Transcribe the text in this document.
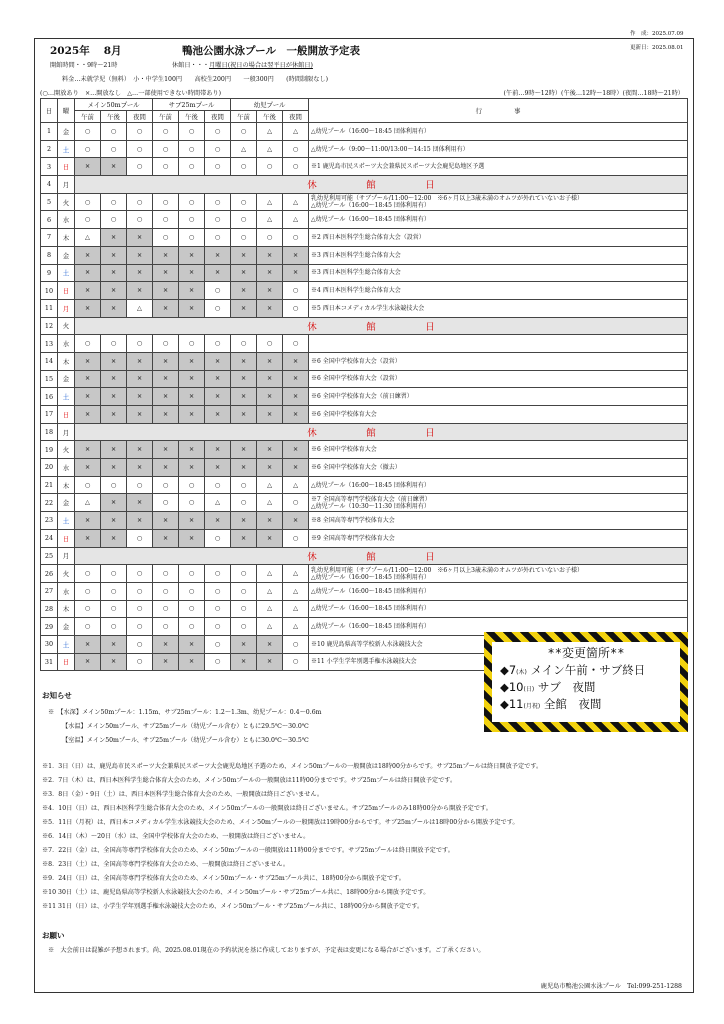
作　成：2025.07.09
更新日：2025.08.01
2025年 8月	鴨池公園水泳プール　一般開放予定表
開館時間・・9時～21時	休館日・・・月曜日(祝日の場合は翌平日が休館日)
料金…未就学児（無料）　小・中学生100円　　高校生200円　　一般300円　　(時間制限なし)
(○…開放あり　×…開放なし　△…一部使用できない時間帯あり)	(午前…9時～12時）(午後…12時～18時）(夜間…18時～21時）
日	曜	メイン50mプール			サブ25mプール			幼児プール			行　　　　　事
		午前	午後	夜間	午前	午後	夜間	午前	午後	夜間	
1	金	○	○	○	○	○	○	○	△	△	△幼児プール（16:00～18:45 団体利用有）

2	土	○	○	○	○	○	○	△	△	○	△幼児プール（9:00～11:00/13:00～14:15 団体利用有）

3	日	×	×	○	○	○	○	○	○	○	※1 鹿児島市民スポーツ大会兼県民スポーツ大会鹿児島地区予選

4	月	休　館　日									
5	火	○	○	○	○	○	○	○	△	△	乳幼児利用可能（サブプール/11:00～12:00　※6ヶ月以上3歳未満のオムツが外れていないお子様）
△幼児プール（16:00～18:45 団体利用有）

6	水	○	○	○	○	○	○	○	△	△	△幼児プール（16:00～18:45 団体利用有）

7	木	△	×	×	○	○	○	○	○	○	※2 西日本医科学生総合体育大会（設営）

8	金	×	×	×	×	×	×	×	×	×	※3 西日本医科学生総合体育大会

9	土	×	×	×	×	×	×	×	×	×	※3 西日本医科学生総合体育大会

10	日	×	×	×	×	×	○	×	×	○	※4 西日本医科学生総合体育大会

11	月	×	×	△	×	×	○	×	×	○	※5 西日本コメディカル学生水泳競技大会

12	火	休　館　日									
13	水	○	○	○	○	○	○	○	○	○	

14	木	×	×	×	×	×	×	×	×	×	※6 全国中学校体育大会（設営）

15	金	×	×	×	×	×	×	×	×	×	※6 全国中学校体育大会（設営）

16	土	×	×	×	×	×	×	×	×	×	※6 全国中学校体育大会（前日練習）

17	日	×	×	×	×	×	×	×	×	×	※6 全国中学校体育大会

18	月	休　館　日									
19	火	×	×	×	×	×	×	×	×	×	※6 全国中学校体育大会

20	水	×	×	×	×	×	×	×	×	×	※6 全国中学校体育大会（撤去）

21	木	○	○	○	○	○	○	○	△	△	△幼児プール（16:00～18:45 団体利用有）

22	金	△	×	×	○	○	△	○	△	○	※7 全国高等専門学校体育大会（前日練習）
△幼児プール（10:30～11:30 団体利用有）

23	土	×	×	×	×	×	×	×	×	×	※8 全国高等専門学校体育大会

24	日	×	×	○	×	×	○	×	×	○	※9 全国高等専門学校体育大会

25	月	休　館　日									
26	火	○	○	○	○	○	○	○	△	△	乳幼児利用可能（サブプール/11:00～12:00　※6ヶ月以上3歳未満のオムツが外れていないお子様）
△幼児プール（16:00～18:45 団体利用有）

27	水	○	○	○	○	○	○	○	△	△	△幼児プール（16:00～18:45 団体利用有）

28	木	○	○	○	○	○	○	○	△	△	△幼児プール（16:00～18:45 団体利用有）

29	金	○	○	○	○	○	○	○	△	△	△幼児プール（16:00～18:45 団体利用有）

30	土	×	×	○	×	×	○	×	×	○	※10 鹿児島県高等学校新人水泳競技大会

31	日	×	×	○	×	×	○	×	×	○	※11 小学生学年別選手権水泳競技大会
**変更箇所**
◆7(木) メイン午前・サブ終日
◆10(日) サブ　夜間
◆11(月祝) 全館　夜間
お知らせ
※　【水深】メイン50mプール：1.15m、サブ25mプール：1.2～1.3m、幼児プール：0.4～0.6m
【水温】メイン50mプール、サブ25mプール（幼児プール含む）ともに29.5℃～30.0℃
【室温】メイン50mプール、サブ25mプール（幼児プール含む）ともに30.0℃～30.5℃
※1．3日（日）は、鹿児島市民スポーツ大会兼県民スポーツ大会鹿児島地区予選のため、メイン50mプールの一般開放は18時00分からです。サブ25mプールは終日開放予定です。
※2．7日（木）は、西日本医科学生総合体育大会のため、メイン50mプールの一般開放は11時00分までです。サブ25mプールは終日開放予定です。
※3．8日（金）・9日（土）は、西日本医科学生総合体育大会のため、一般開放は終日ございません。
※4．10日（日）は、西日本医科学生総合体育大会のため、メイン50mプールの一般開放は終日ございません。サブ25mプールのみ18時00分から開放予定です。
※5．11日（月祝）は、西日本コメディカル学生水泳競技大会のため、メイン50mプールの一般開放は19時00分からです。サブ25mプールは18時00分から開放予定です。
※6．14日（木）～20日（水）は、全国中学校体育大会のため、一般開放は終日ございません。
※7．22日（金）は、全国高等専門学校体育大会のため、メイン50mプールの一般開放は11時00分までです。サブ25mプールは終日開放予定です。
※8．23日（土）は、全国高等専門学校体育大会のため、一般開放は終日ございません。
※9．24日（日）は、全国高等専門学校体育大会のため、メイン50mプール・サブ25mプール共に、18時00分から開放予定です。
※10 30日（土）は、鹿児島県高等学校新人水泳競技大会のため、メイン50mプール・サブ25mプール共に、18時00分から開放予定です。
※11 31日（日）は、小学生学年別選手権水泳競技大会のため、メイン50mプール・サブ25mプール共に、18時00分から開放予定です。
お願い
※　大会前日は混雑が予想されます。尚、2025.08.01現在の予約状況を基に作成しておりますが、予定表は変更になる場合がございます。ご了承ください。
鹿児島市鴨池公園水泳プール　Tel:099-251-1288
